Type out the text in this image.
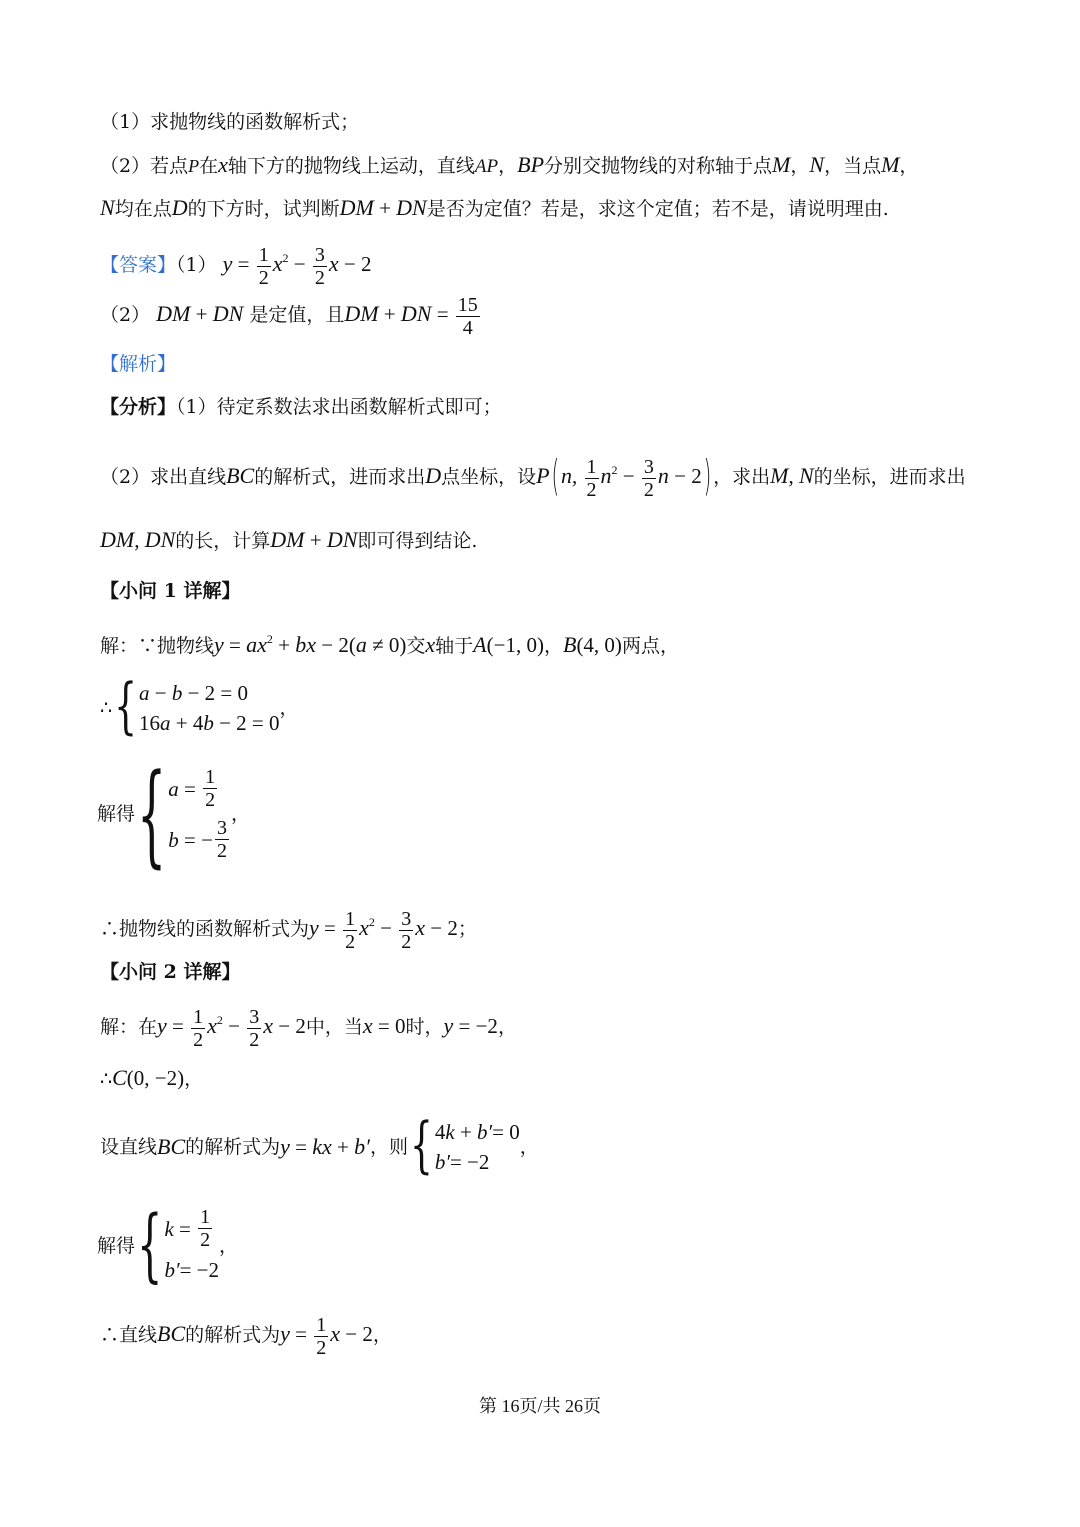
（1）求抛物线的函数解析式；
（2）若点P在x轴下方的抛物线上运动，直线AP，BP分别交抛物线的对称轴于点M，N，当点M，
N均在点D的下方时，试判断DM + DN是否为定值？若是，求这个定值；若不是，请说明理由.
【答案】（1） $y = \frac{1}{2} x^2 - \frac{3}{2}$ x − 2
（2） DM + DN 是定值，且DM + DN = $\frac{15}{4}$
【解析】
【分析】（1）待定系数法求出函数解析式即可；
（2）求出直线BC的解析式，进而求出D点坐标，设P (n, $\frac{1}{2} n^2 - \frac{3}{2}$ n − 2 ) ，求出M, N的坐标，进而求出
DM, DN的长，计算DM + DN即可得到结论.
【小问 1 详解】
解：∵抛物线$y = ax^2$ + bx − 2(a ≠ 0)交x轴于A(−1, 0)，B(4, 0)两点，
∴ { a − b − 2 = 0
16 a + 4 b − 2 = 0
，
解得 { a = 1
2
b = − 3
2
，
∴抛物线的函数解析式为$y = \frac{1}{2} x^2 - \frac{3}{2}$ x − 2；
【小问 2 详解】
解：在$y = \frac{1}{2} x^2 - \frac{3}{2}$ x − 2中，当x = 0时，y = −2，
∴C(0, −2)，
设直线 BC 的解析式为 y = kx + b′ ，则 { 4 k + b′ = 0
b′ = −2
，
解得 { k = 1
2
b′ = −2
，
∴直线BC的解析式为$y = \frac{1}{2}$ x − 2，
第 16页/共 26页
